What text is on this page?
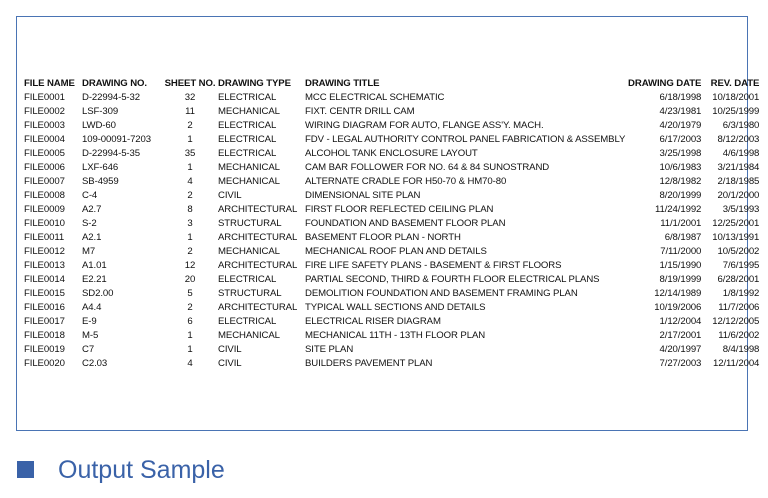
FILE NAME	DRAWING NO.	SHEET NO.	DRAWING TYPE	DRAWING TITLE	DRAWING DATE	REV. DATE
FILE0001	D-22994-5-32	32	ELECTRICAL	MCC ELECTRICAL SCHEMATIC	6/18/1998	10/18/2001
FILE0002	LSF-309	11	MECHANICAL	FIXT. CENTR DRILL CAM	4/23/1981	10/25/1999
FILE0003	LWD-60	2	ELECTRICAL	WIRING DIAGRAM FOR AUTO, FLANGE ASS'Y. MACH.	4/20/1979	6/3/1980
FILE0004	109-00091-7203	1	ELECTRICAL	FDV - LEGAL AUTHORITY CONTROL PANEL FABRICATION & ASSEMBLY	6/17/2003	8/12/2003
FILE0005	D-22994-5-35	35	ELECTRICAL	ALCOHOL TANK ENCLOSURE LAYOUT	3/25/1998	4/6/1998
FILE0006	LXF-646	1	MECHANICAL	CAM BAR FOLLOWER FOR NO. 64 & 84 SUNOSTRAND	10/6/1983	3/21/1984
FILE0007	SB-4959	4	MECHANICAL	ALTERNATE CRADLE FOR H50-70 & HM70-80	12/8/1982	2/18/1985
FILE0008	C-4	2	CIVIL	DIMENSIONAL SITE PLAN	8/20/1999	20/1/2000
FILE0009	A2.7	8	ARCHITECTURAL	FIRST FLOOR REFLECTED CEILING PLAN	11/24/1992	3/5/1993
FILE0010	S-2	3	STRUCTURAL	FOUNDATION AND BASEMENT FLOOR PLAN	11/1/2001	12/25/2001
FILE0011	A2.1	1	ARCHITECTURAL	BASEMENT FLOOR PLAN - NORTH	6/8/1987	10/13/1991
FILE0012	M7	2	MECHANICAL	MECHANICAL ROOF PLAN AND DETAILS	7/11/2000	10/5/2002
FILE0013	A1.01	12	ARCHITECTURAL	FIRE LIFE SAFETY PLANS - BASEMENT & FIRST FLOORS	1/15/1990	7/6/1995
FILE0014	E2.21	20	ELECTRICAL	PARTIAL SECOND, THIRD & FOURTH FLOOR ELECTRICAL PLANS	8/19/1999	6/28/2001
FILE0015	SD2.00	5	STRUCTURAL	DEMOLITION FOUNDATION AND BASEMENT FRAMING PLAN	12/14/1989	1/8/1992
FILE0016	A4.4	2	ARCHITECTURAL	TYPICAL WALL SECTIONS AND DETAILS	10/19/2006	11/7/2006
FILE0017	E-9	6	ELECTRICAL	ELECTRICAL RISER DIAGRAM	1/12/2004	12/12/2005
FILE0018	M-5	1	MECHANICAL	MECHANICAL 11TH - 13TH FLOOR PLAN	2/17/2001	11/6/2002
FILE0019	C7	1	CIVIL	SITE PLAN	4/20/1997	8/4/1998
FILE0020	C2.03	4	CIVIL	BUILDERS PAVEMENT PLAN	7/27/2003	12/11/2004
Output Sample
